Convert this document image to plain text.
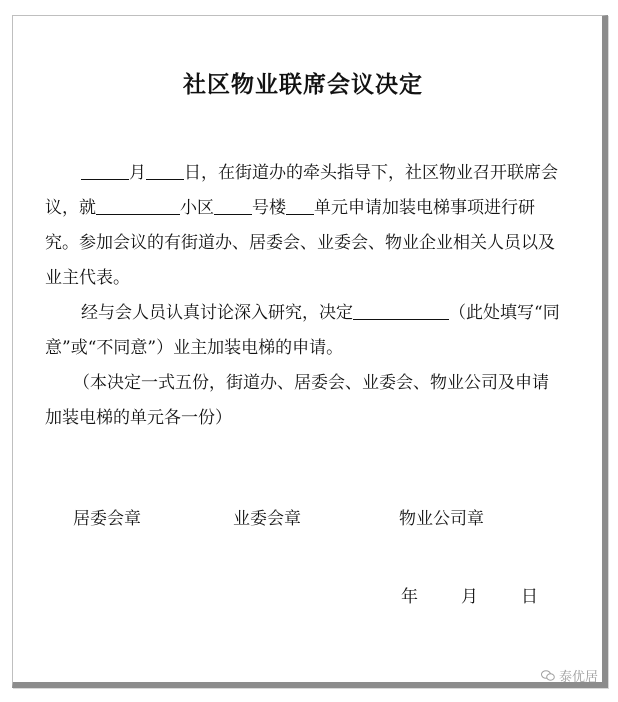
社区物业联席会议决定

月 日，在街道办的牵头指导下，社区物业召开联席会议，就	小区 号楼 单元申请加装电梯事项进行研究。参加会议的有街道办、居委会、业委会、物业企业相关人员以及业主代表。

经与会人员认真讨论深入研究，决定	（此处填写“同意”或“不同意”）业主加装电梯的申请。

（本决定一式五份，街道办、居委会、业委会、物业公司及申请加装电梯的单元各一份）

居委会章	业委会章	物业公司章
年	月	日
泰优居
